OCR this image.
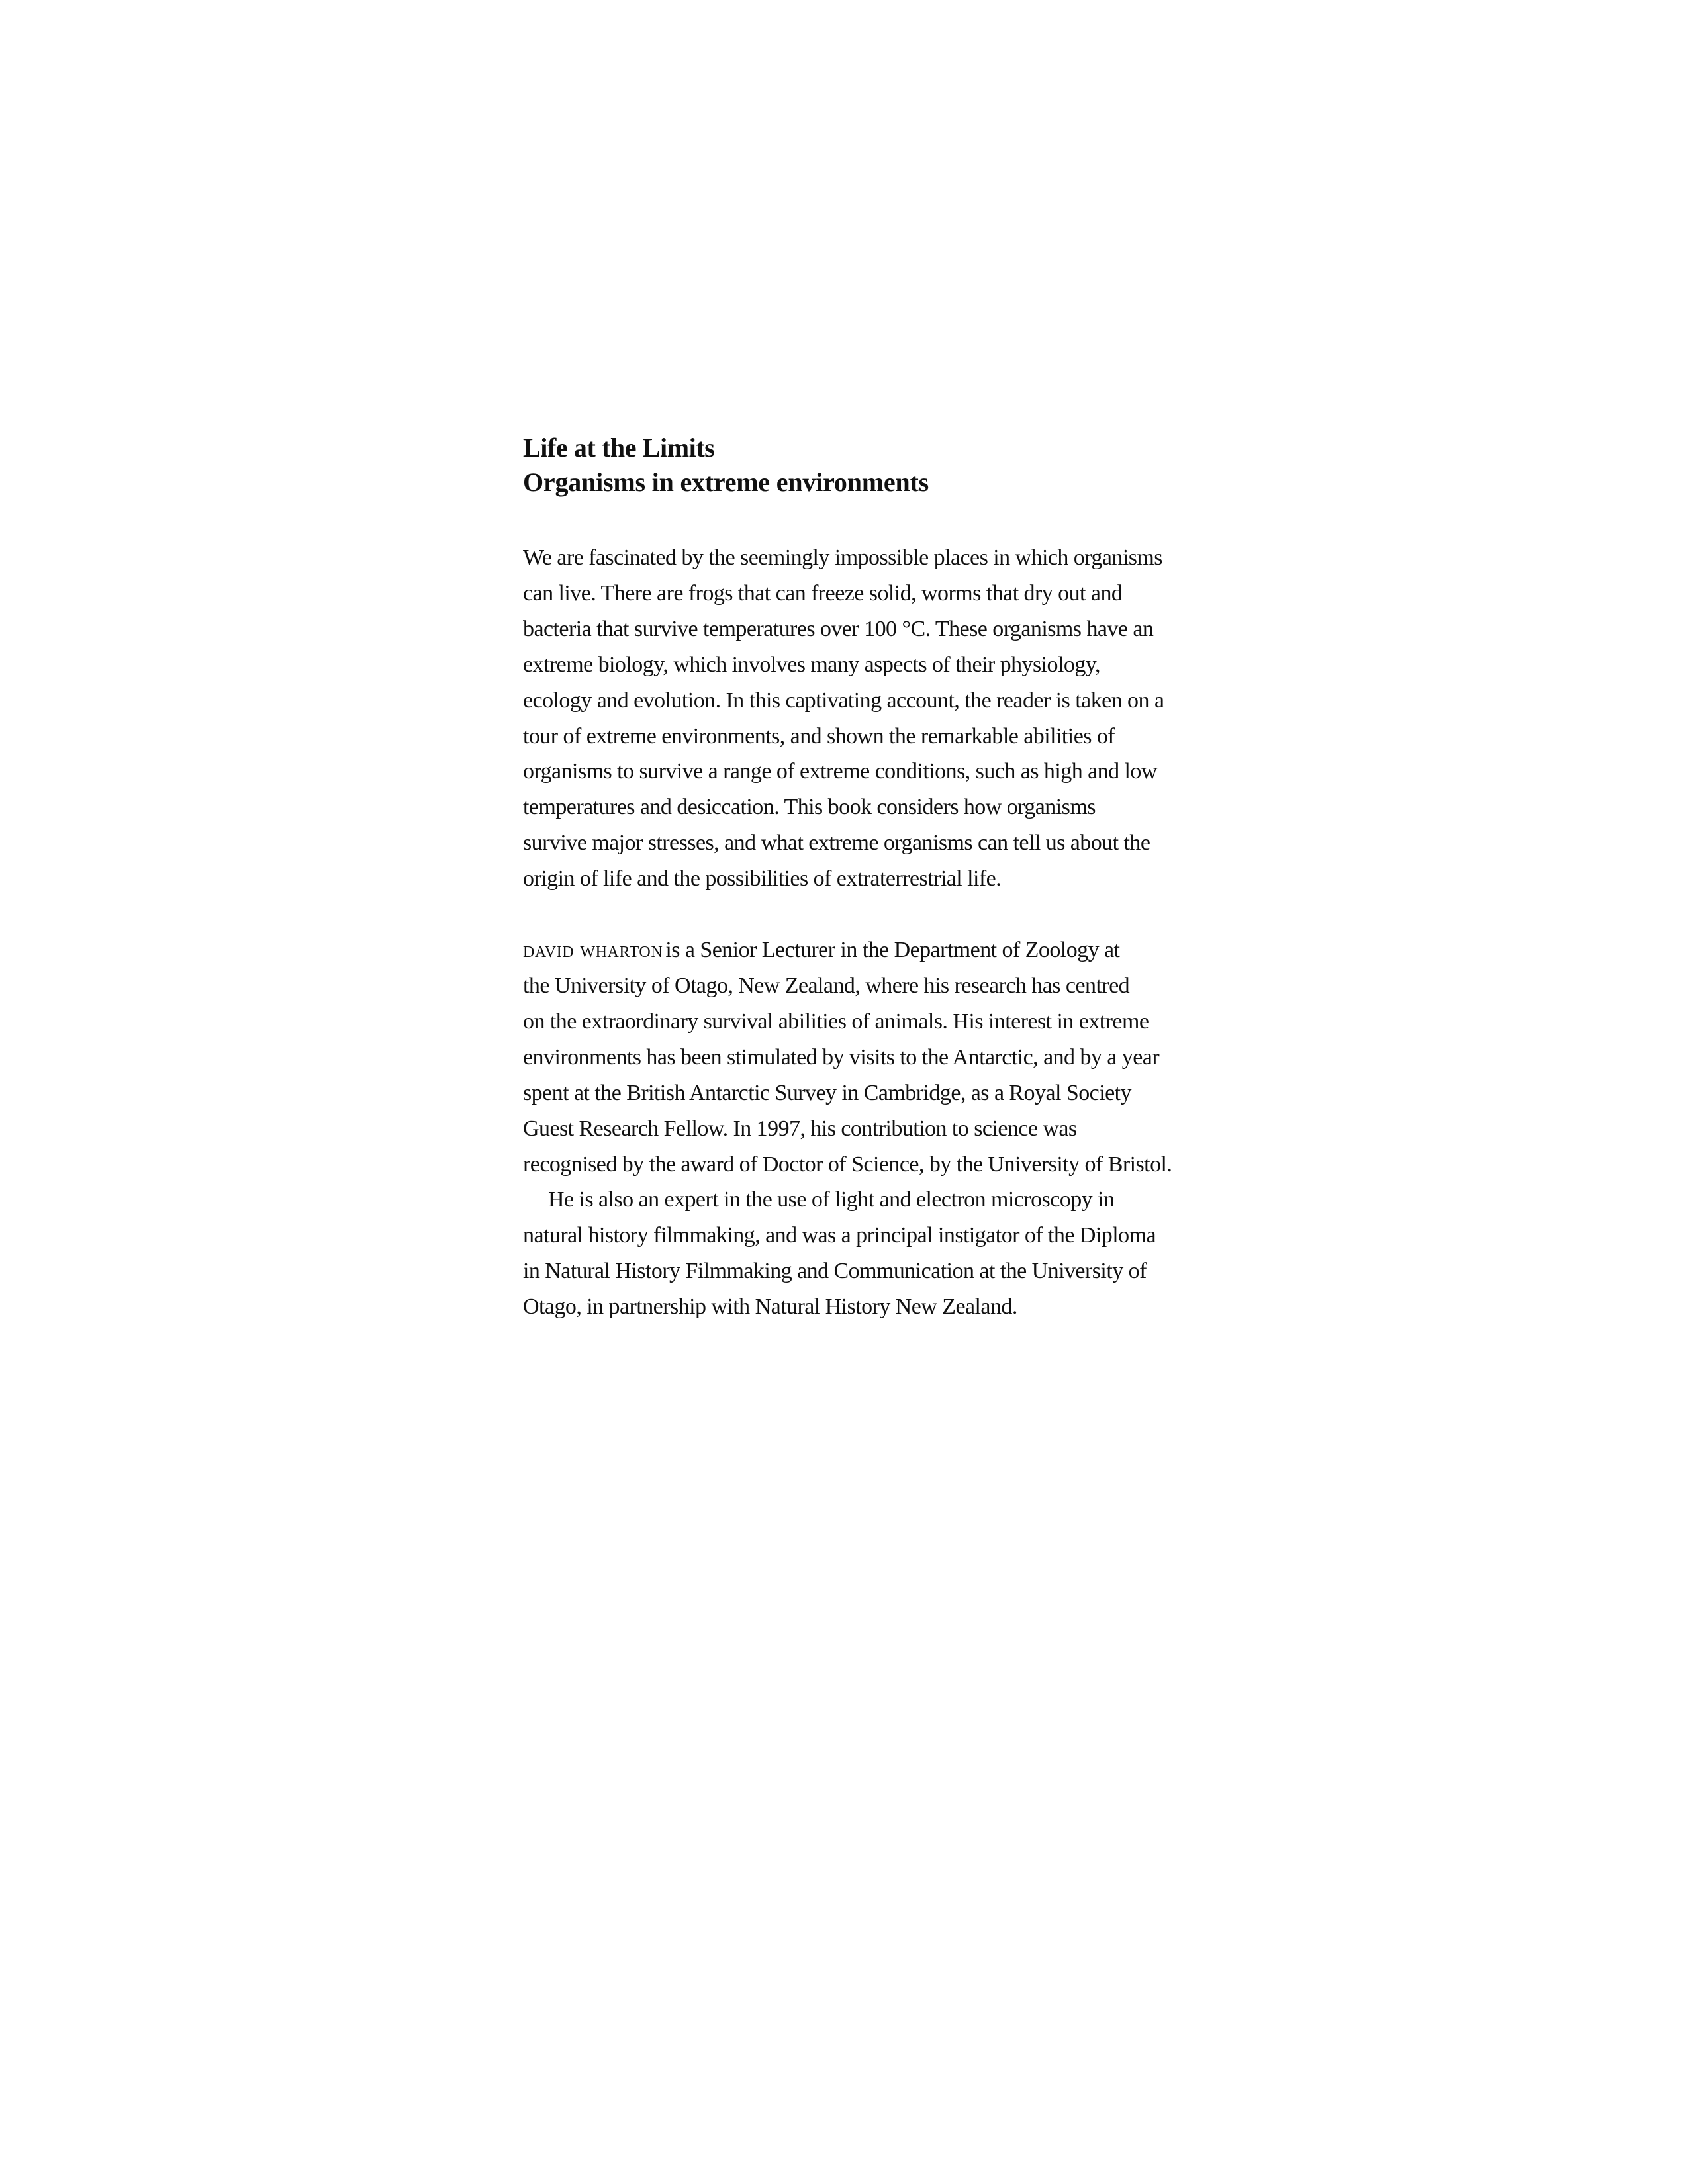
Life at the Limits
Organisms in extreme environments
We are fascinated by the seemingly impossible places in which organisms
can live. There are frogs that can freeze solid, worms that dry out and
bacteria that survive temperatures over 100 °C. These organisms have an
extreme biology, which involves many aspects of their physiology,
ecology and evolution. In this captivating account, the reader is taken on a
tour of extreme environments, and shown the remarkable abilities of
organisms to survive a range of extreme conditions, such as high and low
temperatures and desiccation. This book considers how organisms
survive major stresses, and what extreme organisms can tell us about the
origin of life and the possibilities of extraterrestrial life.
david wharton is a Senior Lecturer in the Department of Zoology at
the University of Otago, New Zealand, where his research has centred
on the extraordinary survival abilities of animals. His interest in extreme
environments has been stimulated by visits to the Antarctic, and by a year
spent at the British Antarctic Survey in Cambridge, as a Royal Society
Guest Research Fellow. In 1997, his contribution to science was
recognised by the award of Doctor of Science, by the University of Bristol.
He is also an expert in the use of light and electron microscopy in
natural history filmmaking, and was a principal instigator of the Diploma
in Natural History Filmmaking and Communication at the University of
Otago, in partnership with Natural History New Zealand.
